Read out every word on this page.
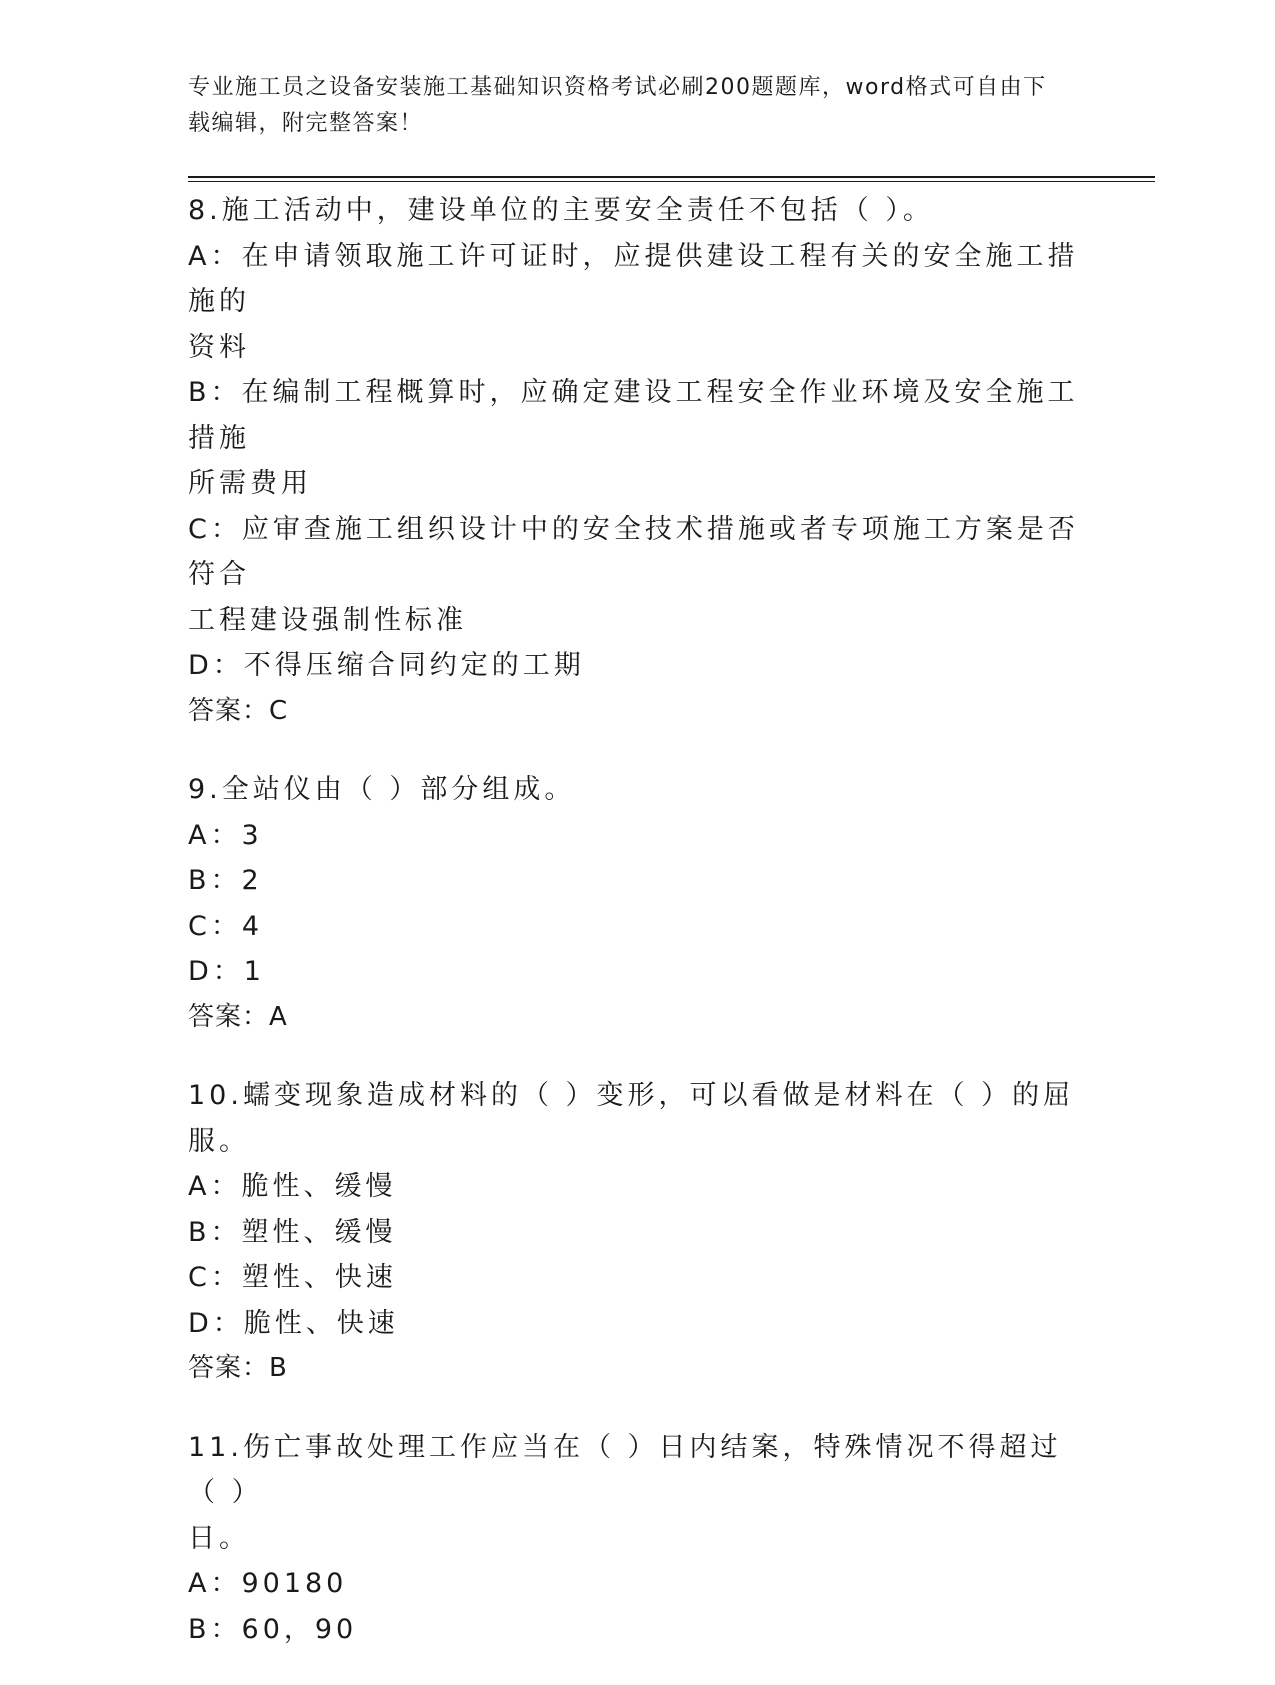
专业施工员之设备安装施工基础知识资格考试必刷200题题库，word格式可自由下载编辑，附完整答案！
8.施工活动中，建设单位的主要安全责任不包括（ ）。
A：在申请领取施工许可证时，应提供建设工程有关的安全施工措施的
资料
B：在编制工程概算时，应确定建设工程安全作业环境及安全施工措施
所需费用
C：应审查施工组织设计中的安全技术措施或者专项施工方案是否符合
工程建设强制性标准
D：不得压缩合同约定的工期
答案：C
9.全站仪由（ ）部分组成。
A：3
B：2
C：4
D：1
答案：A
10.蠕变现象造成材料的（ ）变形，可以看做是材料在（ ）的屈服。
A：脆性、缓慢
B：塑性、缓慢
C：塑性、快速
D：脆性、快速
答案：B
11.伤亡事故处理工作应当在（ ）日内结案，特殊情况不得超过（ ）
日。
A：90180
B：60，90
